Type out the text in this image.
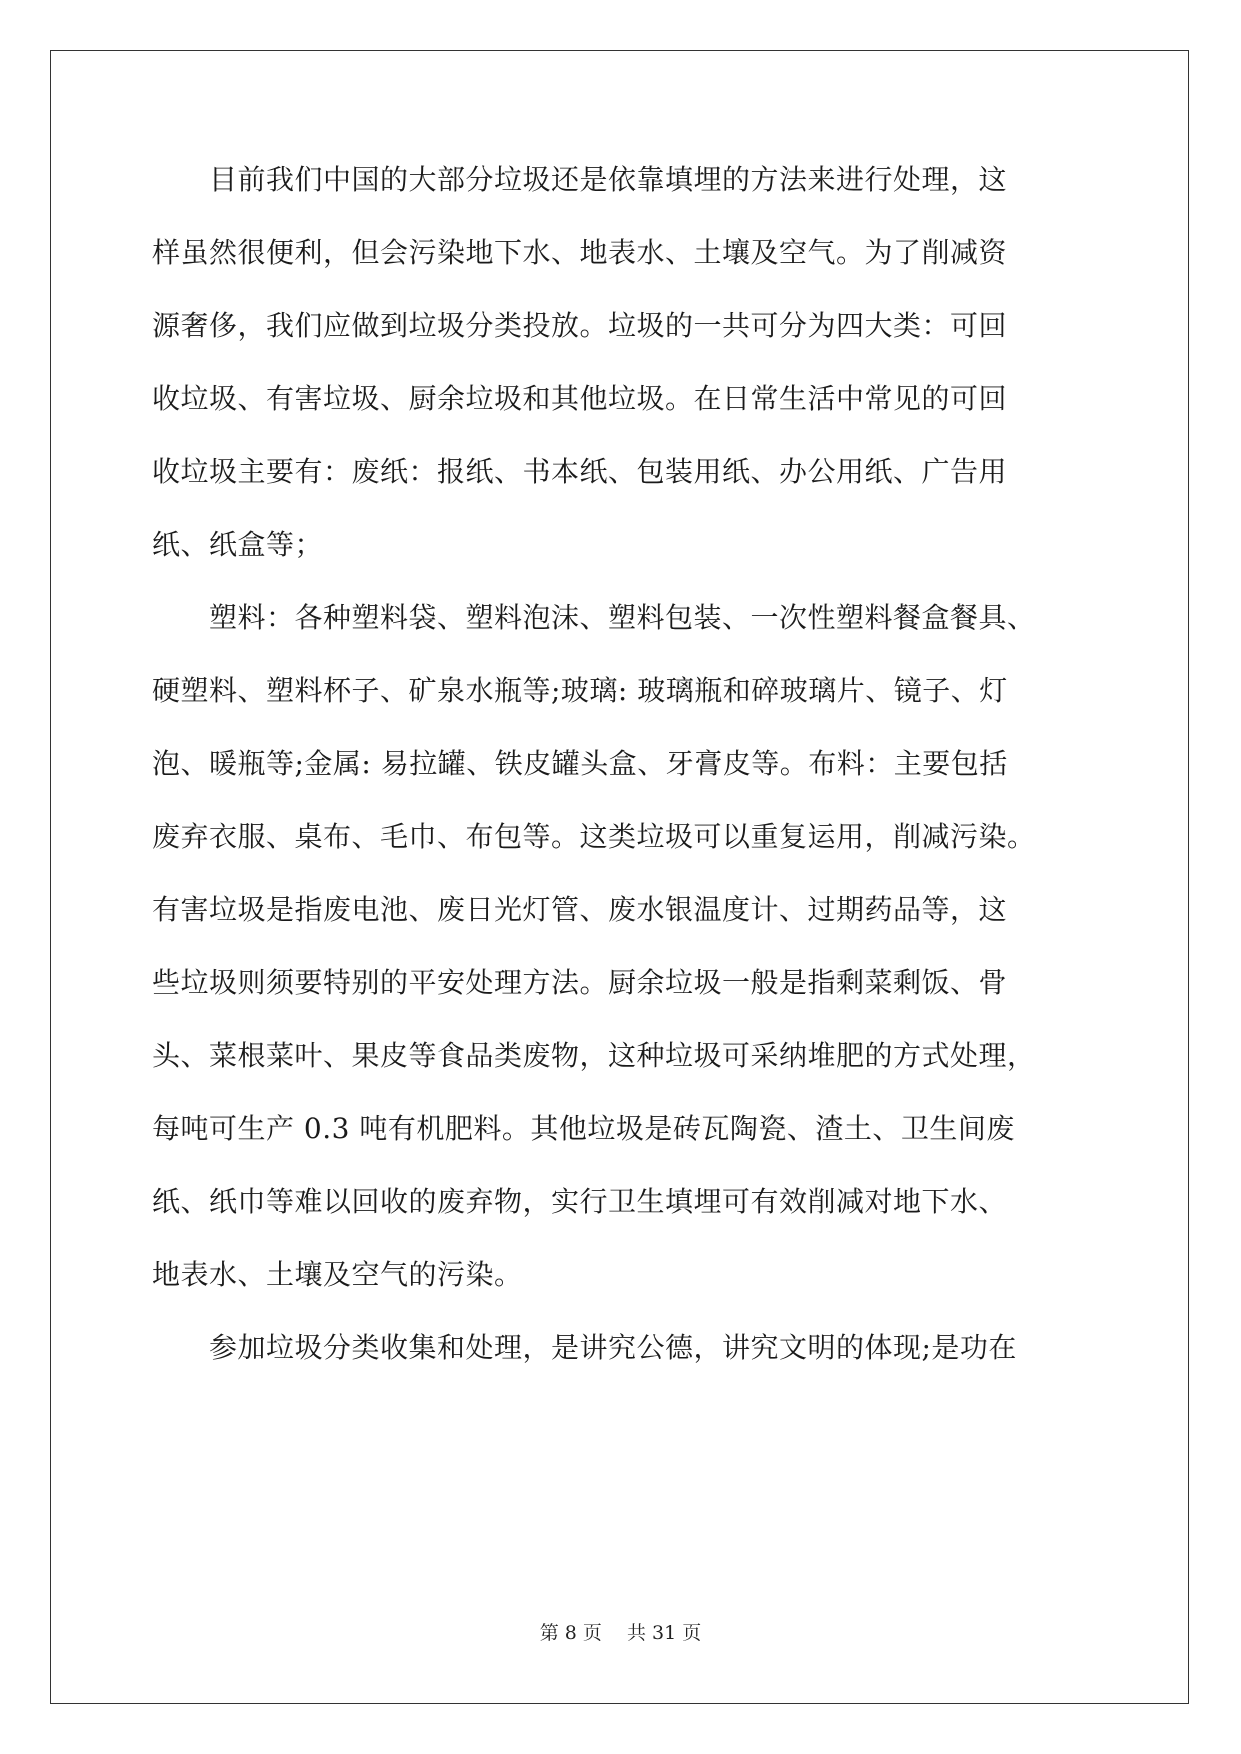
　　目前我们中国的大部分垃圾还是依靠填埋的方法来进行处理，这
样虽然很便利，但会污染地下水、地表水、土壤及空气。为了削减资
源奢侈，我们应做到垃圾分类投放。垃圾的一共可分为四大类：可回
收垃圾、有害垃圾、厨余垃圾和其他垃圾。在日常生活中常见的可回
收垃圾主要有：废纸：报纸、书本纸、包装用纸、办公用纸、广告用
纸、纸盒等；
　　塑料：各种塑料袋、塑料泡沫、塑料包装、一次性塑料餐盒餐具、
硬塑料、塑料杯子、矿泉水瓶等;玻璃: 玻璃瓶和碎玻璃片、镜子、灯
泡、暖瓶等;金属: 易拉罐、铁皮罐头盒、牙膏皮等。布料：主要包括
废弃衣服、桌布、毛巾、布包等。这类垃圾可以重复运用，削减污染。
有害垃圾是指废电池、废日光灯管、废水银温度计、过期药品等，这
些垃圾则须要特别的平安处理方法。厨余垃圾一般是指剩菜剩饭、骨
头、菜根菜叶、果皮等食品类废物，这种垃圾可采纳堆肥的方式处理，
每吨可生产 0.3 吨有机肥料。其他垃圾是砖瓦陶瓷、渣土、卫生间废
纸、纸巾等难以回收的废弃物，实行卫生填埋可有效削减对地下水、
地表水、土壤及空气的污染。
　　参加垃圾分类收集和处理，是讲究公德，讲究文明的体现;是功在
第 8 页　 共 31 页
